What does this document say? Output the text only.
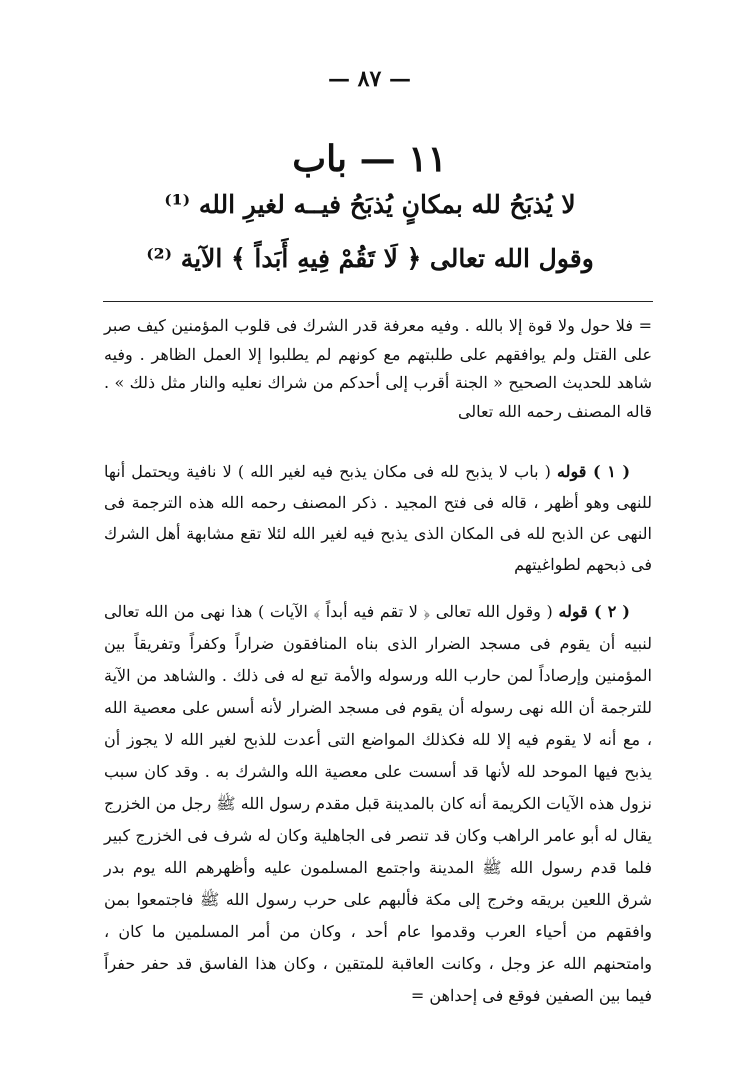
— ٨٧ —
١١ — باب
لا يُذبَحُ لله بمكانٍ يُذبَحُ فيــه لغيرِ الله ⁽¹⁾
وقول الله تعالى ﴿ لَا تَقُمْ فِيهِ أَبَداً ﴾ الآية ⁽²⁾

= فلا حول ولا قوة إلا بالله . وفيه معرفة قدر الشرك فى قلوب المؤمنين كيف صبر على القتل ولم يوافقهم على طلبتهم مع كونهم لم يطلبوا إلا العمل الظاهر . وفيه شاهد للحديث الصحيح « الجنة أقرب إلى أحدكم من شراك نعليه والنار مثل ذلك » . قاله المصنف رحمه الله تعالى

( ١ ) قوله ( باب لا يذبح لله فى مكان يذبح فيه لغير الله ) لا نافية ويحتمل أنها للنهى وهو أظهر ، قاله فى فتح المجيد . ذكر المصنف رحمه الله هذه الترجمة فى النهى عن الذبح لله فى المكان الذى يذبح فيه لغير الله لئلا تقع مشابهة أهل الشرك فى ذبحهم لطواغيتهم

( ٢ ) قوله ( وقول الله تعالى ﴿ لا تقم فيه أبداً ﴾ الآيات ) هذا نهى من الله تعالى لنبيه أن يقوم فى مسجد الضرار الذى بناه المنافقون ضراراً وكفراً وتفريقاً بين المؤمنين وإرصاداً لمن حارب الله ورسوله والأمة تبع له فى ذلك . والشاهد من الآية للترجمة أن الله نهى رسوله أن يقوم فى مسجد الضرار لأنه أسس على معصية الله ، مع أنه لا يقوم فيه إلا لله فكذلك المواضع التى أعدت للذبح لغير الله لا يجوز أن يذبح فيها الموحد لله لأنها قد أسست على معصية الله والشرك به . وقد كان سبب نزول هذه الآيات الكريمة أنه كان بالمدينة قبل مقدم رسول الله ﷺ رجل من الخزرج يقال له أبو عامر الراهب وكان قد تنصر فى الجاهلية وكان له شرف فى الخزرج كبير فلما قدم رسول الله ﷺ المدينة واجتمع المسلمون عليه وأظهرهم الله يوم بدر شرق اللعين بريقه وخرج إلى مكة فألبهم على حرب رسول الله ﷺ فاجتمعوا بمن وافقهم من أحياء العرب وقدموا عام أحد ، وكان من أمر المسلمين ما كان ، وامتحنهم الله عز وجل ، وكانت العاقبة للمتقين ، وكان هذا الفاسق قد حفر حفراً فيما بين الصفين فوقع فى إحداهن =
